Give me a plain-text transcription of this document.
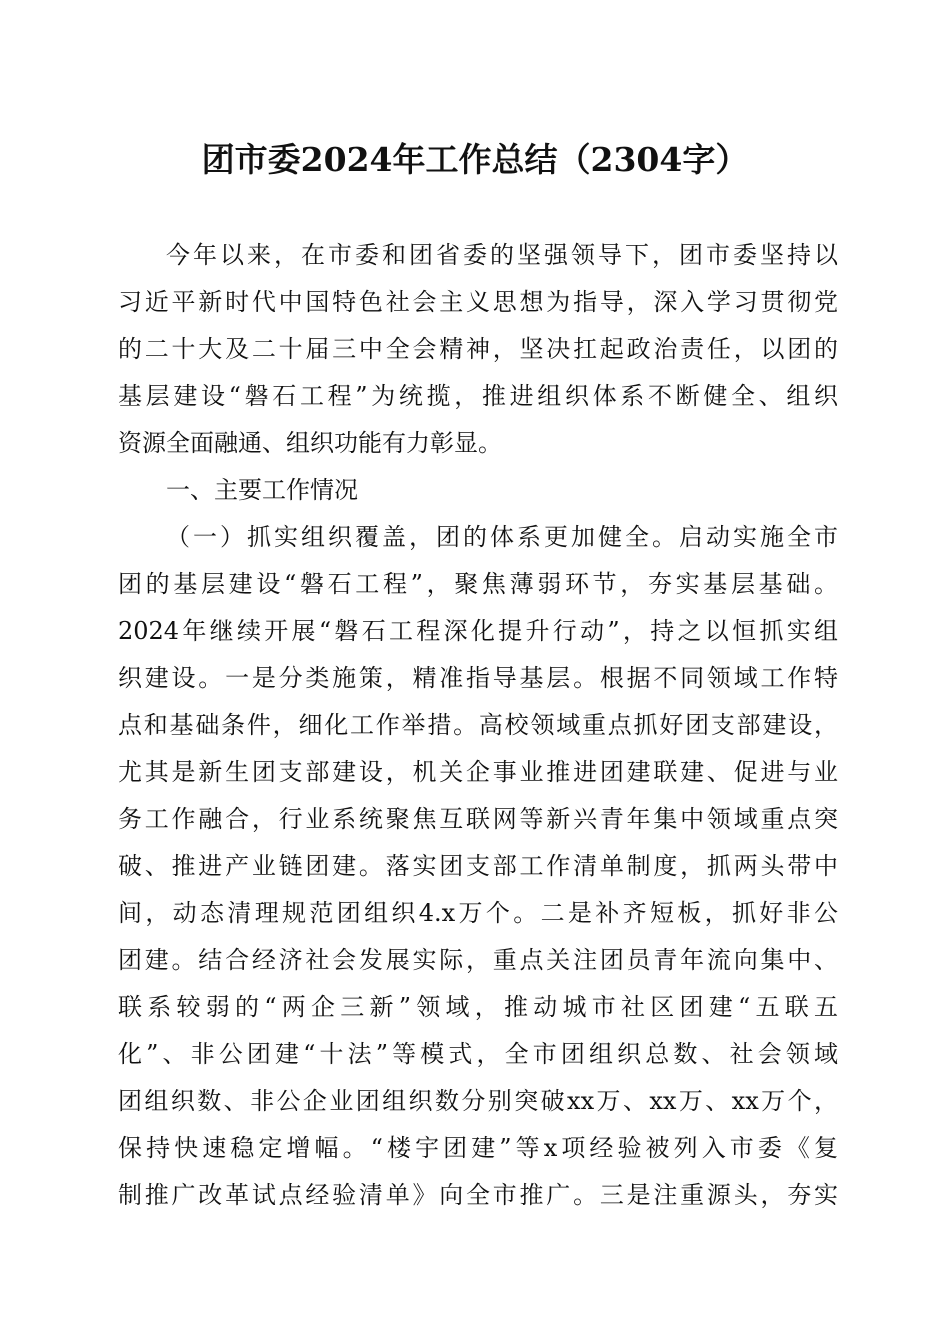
团市委2024年工作总结（2304字）
今年以来，在市委和团省委的坚强领导下，团市委坚持以
习近平新时代中国特色社会主义思想为指导，深入学习贯彻党
的二十大及二十届三中全会精神，坚决扛起政治责任，以团的
基层建设“磐石工程”为统揽，推进组织体系不断健全、组织
资源全面融通、组织功能有力彰显。
一、主要工作情况
（一）抓实组织覆盖，团的体系更加健全。启动实施全市
团的基层建设“磐石工程”，聚焦薄弱环节，夯实基层基础。
2024年继续开展“磐石工程深化提升行动”，持之以恒抓实组
织建设。一是分类施策，精准指导基层。根据不同领域工作特
点和基础条件，细化工作举措。高校领域重点抓好团支部建设，
尤其是新生团支部建设，机关企事业推进团建联建、促进与业
务工作融合，行业系统聚焦互联网等新兴青年集中领域重点突
破、推进产业链团建。落实团支部工作清单制度，抓两头带中
间，动态清理规范团组织4.x万个。二是补齐短板，抓好非公
团建。结合经济社会发展实际，重点关注团员青年流向集中、
联系较弱的“两企三新”领域，推动城市社区团建“五联五
化”、非公团建“十法”等模式，全市团组织总数、社会领域
团组织数、非公企业团组织数分别突破xx万、xx万、xx万个，
保持快速稳定增幅。“楼宇团建”等x项经验被列入市委《复
制推广改革试点经验清单》向全市推广。三是注重源头，夯实
